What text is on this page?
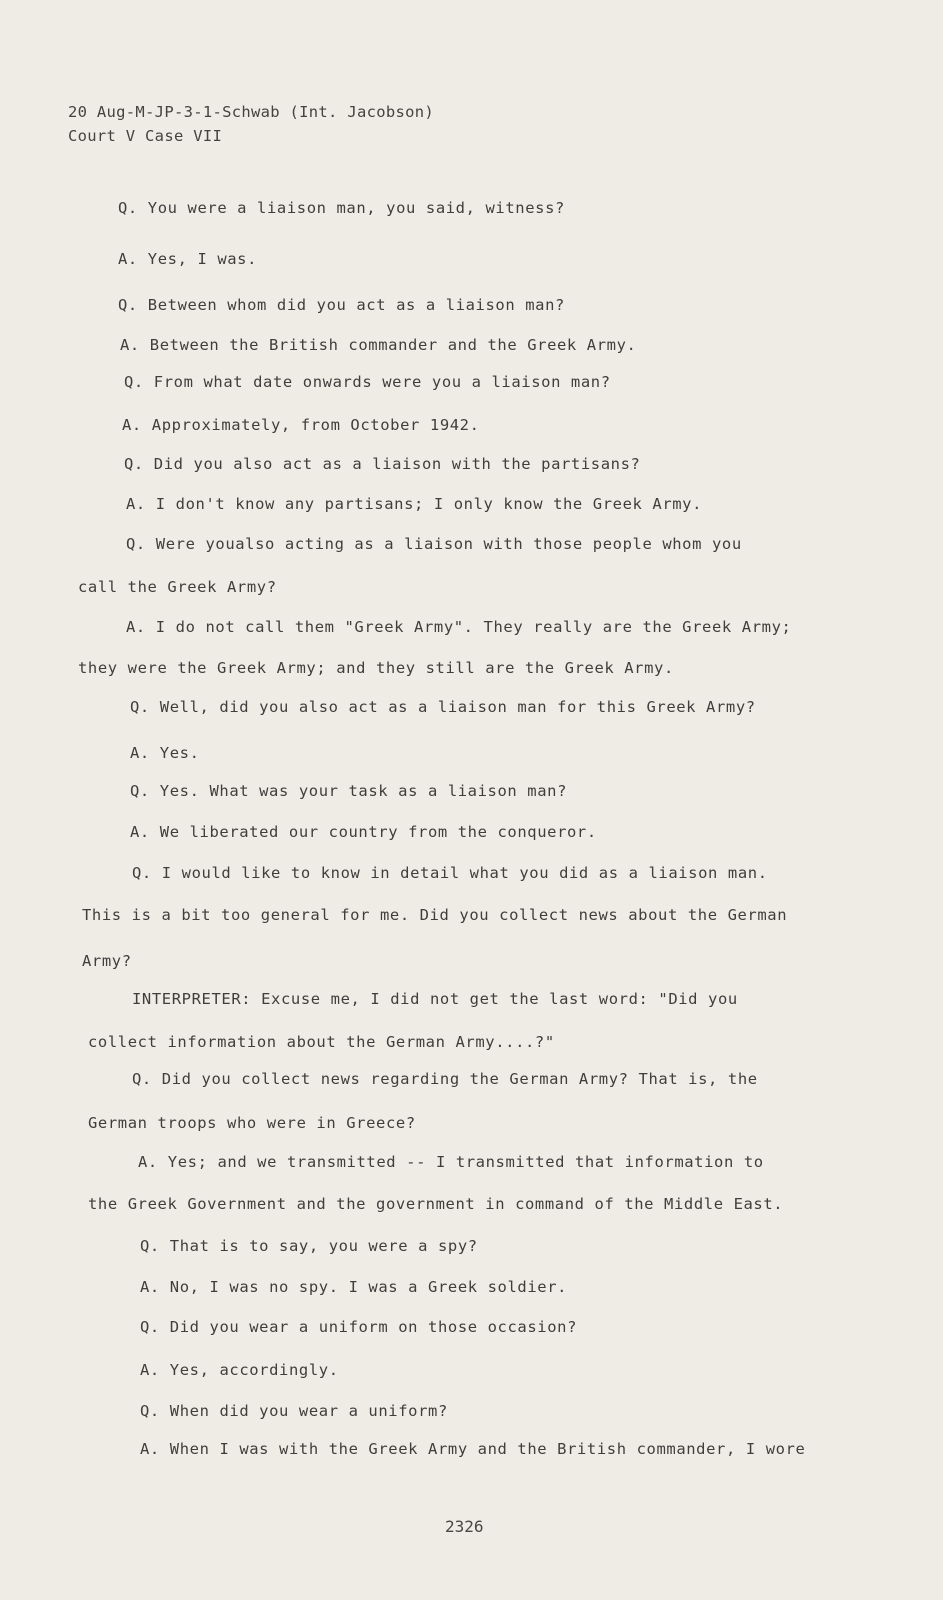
20 Aug-M-JP-3-1-Schwab (Int. Jacobson)
Court V Case VII
Q. You were a liaison man, you said, witness?
A. Yes, I was.
Q. Between whom did you act as a liaison man?
A. Between the British commander and the Greek Army.
Q. From what date onwards were you a liaison man?
A. Approximately, from October 1942.
Q. Did you also act as a liaison with the partisans?
A. I don't know any partisans; I only know the Greek Army.
Q. Were youalso acting as a liaison with those people whom you
call the Greek Army?
A. I do not call them "Greek Army". They really are the Greek Army;
they were the Greek Army; and they still are the Greek Army.
Q. Well, did you also act as a liaison man for this Greek Army?
A. Yes.
Q. Yes. What was your task as a liaison man?
A. We liberated our country from the conqueror.
Q. I would like to know in detail what you did as a liaison man.
This is a bit too general for me. Did you collect news about the German
Army?
INTERPRETER: Excuse me, I did not get the last word: "Did you
collect information about the German Army....?"
Q. Did you collect news regarding the German Army? That is, the
German troops who were in Greece?
A. Yes; and we transmitted -- I transmitted that information to
the Greek Government and the government in command of the Middle East.
Q. That is to say, you were a spy?
A. No, I was no spy. I was a Greek soldier.
Q. Did you wear a uniform on those occasion?
A. Yes, accordingly.
Q. When did you wear a uniform?
A. When I was with the Greek Army and the British commander, I wore
2326
